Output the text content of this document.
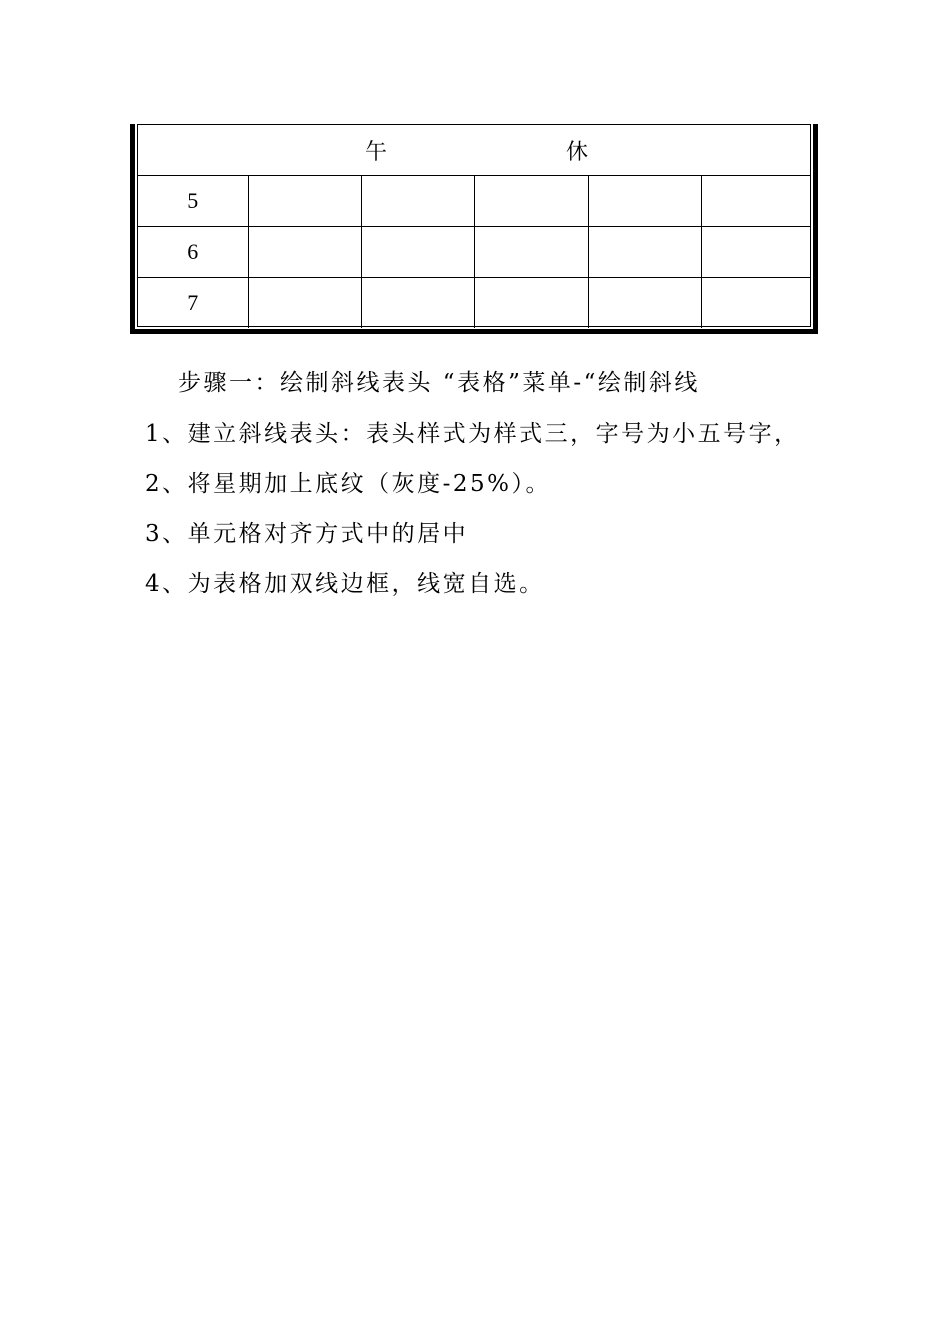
午 休					

5					
6					
7					
步骤一：绘制斜线表头 “表格”菜单-“绘制斜线
1、建立斜线表头：表头样式为样式三，字号为小五号字，
2、将星期加上底纹（灰度-25%）。
3、单元格对齐方式中的居中
4、为表格加双线边框，线宽自选。
